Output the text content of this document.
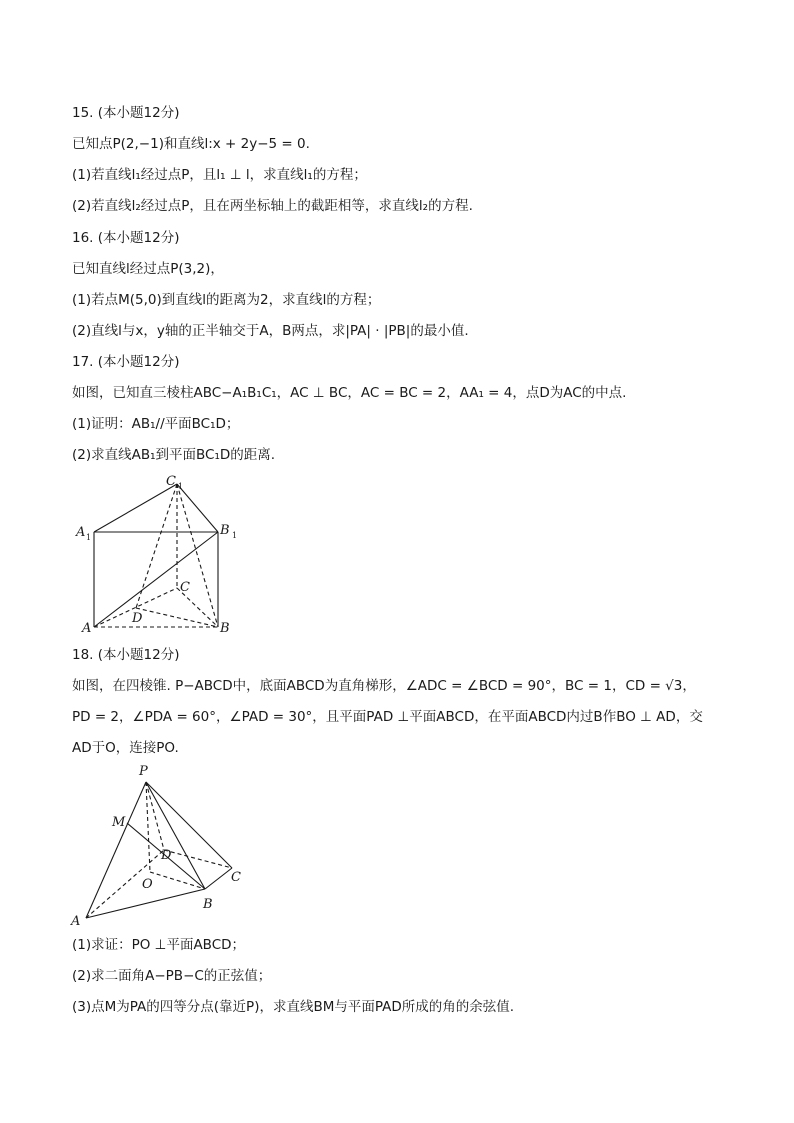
15. (本小题12分)
已知点P(2,−1)和直线l:x + 2y−5 = 0.
(1)若直线l₁经过点P，且l₁ ⊥ l，求直线l₁的方程；
(2)若直线l₂经过点P，且在两坐标轴上的截距相等，求直线l₂的方程.
16. (本小题12分)
已知直线l经过点P(3,2)，
(1)若点M(5,0)到直线l的距离为2，求直线l的方程；
(2)直线l与x，y轴的正半轴交于A，B两点，求|PA| · |PB|的最小值.
17. (本小题12分)
如图，已知直三棱柱ABC−A₁B₁C₁，AC ⊥ BC，AC = BC = 2，AA₁ = 4，点D为AC的中点.
(1)证明：AB₁//平面BC₁D；
(2)求直线AB₁到平面BC₁D的距离.
C 1
A 1	B 1
C
D
A	B
18. (本小题12分)
如图，在四棱锥. P−ABCD中，底面ABCD为直角梯形，∠ADC = ∠BCD = 90°，BC = 1，CD = √3，
PD = 2，∠PDA = 60°，∠PAD = 30°，且平面PAD ⊥平面ABCD，在平面ABCD内过B作BO ⊥ AD，交
AD于O，连接PO.
P
M
D
O	C
B
A
(1)求证：PO ⊥平面ABCD；
(2)求二面角A−PB−C的正弦值；
(3)点M为PA的四等分点(靠近P)，求直线BM与平面PAD所成的角的余弦值.
